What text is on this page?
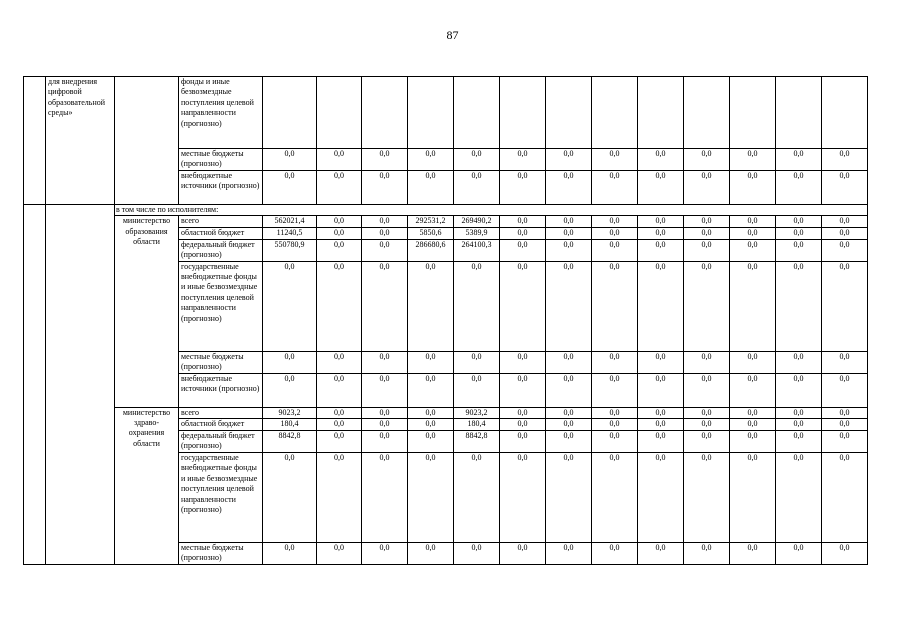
87
	для внедрения цифровой образовательной среды»		фонды и иные безвозмездные поступления целевой направленности (прогнозно)													
			местные бюджеты (прогнозно)	0,0	0,0	0,0	0,0	0,0	0,0	0,0	0,0	0,0	0,0	0,0	0,0	0,0
			внебюджетные источники (прогнозно)	0,0	0,0	0,0	0,0	0,0	0,0	0,0	0,0	0,0	0,0	0,0	0,0	0,0
		в том числе по исполнителям:														
		министерство образования области	всего	562021,4	0,0	0,0	292531,2	269490,2	0,0	0,0	0,0	0,0	0,0	0,0	0,0	0,0
			областной бюджет	11240,5	0,0	0,0	5850,6	5389,9	0,0	0,0	0,0	0,0	0,0	0,0	0,0	0,0
			федеральный бюджет (прогнозно)	550780,9	0,0	0,0	286680,6	264100,3	0,0	0,0	0,0	0,0	0,0	0,0	0,0	0,0
			государственные внебюджетные фонды и иные безвозмездные поступления целевой направленности (прогнозно)	0,0	0,0	0,0	0,0	0,0	0,0	0,0	0,0	0,0	0,0	0,0	0,0	0,0
			местные бюджеты (прогнозно)	0,0	0,0	0,0	0,0	0,0	0,0	0,0	0,0	0,0	0,0	0,0	0,0	0,0
			внебюджетные источники (прогнозно)	0,0	0,0	0,0	0,0	0,0	0,0	0,0	0,0	0,0	0,0	0,0	0,0	0,0
		министерство здраво-охранения области	всего	9023,2	0,0	0,0	0,0	9023,2	0,0	0,0	0,0	0,0	0,0	0,0	0,0	0,0
			областной бюджет	180,4	0,0	0,0	0,0	180,4	0,0	0,0	0,0	0,0	0,0	0,0	0,0	0,0
			федеральный бюджет (прогнозно)	8842,8	0,0	0,0	0,0	8842,8	0,0	0,0	0,0	0,0	0,0	0,0	0,0	0,0
			государственные внебюджетные фонды и иные безвозмездные поступления целевой направленности (прогнозно)	0,0	0,0	0,0	0,0	0,0	0,0	0,0	0,0	0,0	0,0	0,0	0,0	0,0
			местные бюджеты (прогнозно)	0,0	0,0	0,0	0,0	0,0	0,0	0,0	0,0	0,0	0,0	0,0	0,0	0,0
